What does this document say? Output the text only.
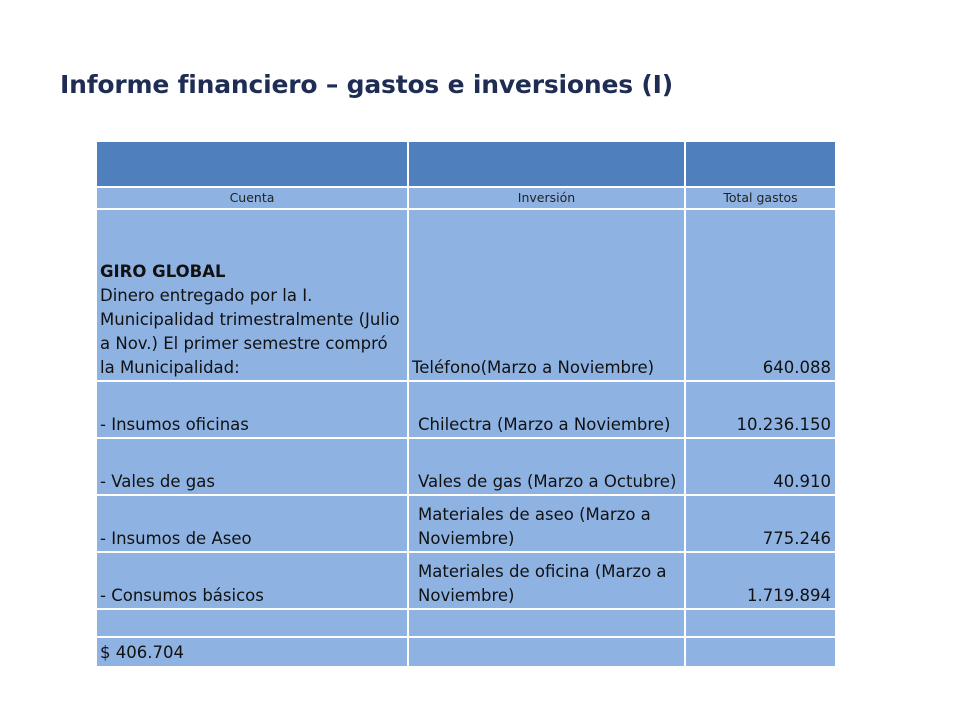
Informe financiero – gastos e inversiones (I)

Cuenta	Inversión	Total gastos

GIRO GLOBAL
Dinero entregado por la I. Municipalidad trimestralmente (Julio a Nov.) El primer semestre compró la Municipalidad:	Teléfono(Marzo a Noviembre)	640.088
- Insumos oficinas	Chilectra (Marzo a Noviembre)	10.236.150
- Vales de gas	Vales de gas (Marzo a Octubre)	40.910
- Insumos de Aseo	Materiales de aseo (Marzo a Noviembre)	775.246
- Consumos básicos	Materiales de oficina (Marzo a Noviembre)	1.719.894

$ 406.704		
